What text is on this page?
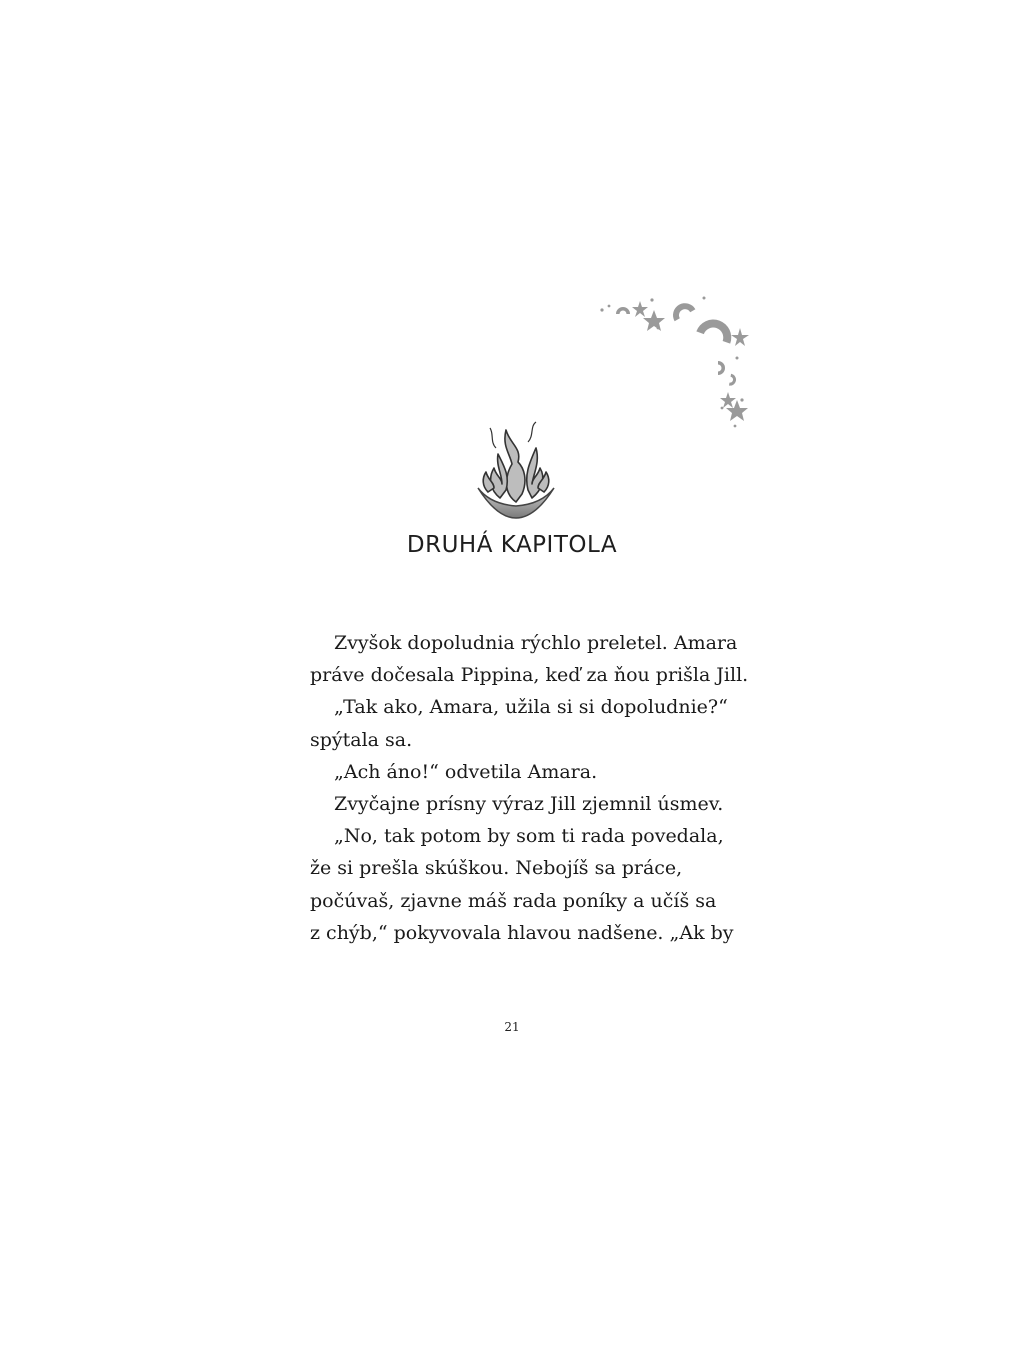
DRUHÁ KAPITOLA
Zvyšok dopoludnia rýchlo preletel. Amara
práve dočesala Pippina, keď za ňou prišla Jill.
„Tak ako, Amara, užila si si dopoludnie?“
spýtala sa.
„Ach áno!“ odvetila Amara.
Zvyčajne prísny výraz Jill zjemnil úsmev.
„No, tak potom by som ti rada povedala,
že si prešla skúškou. Nebojíš sa práce,
počúvaš, zjavne máš rada poníky a učíš sa
z chýb,“ pokyvovala hlavou nadšene. „Ak by
21
